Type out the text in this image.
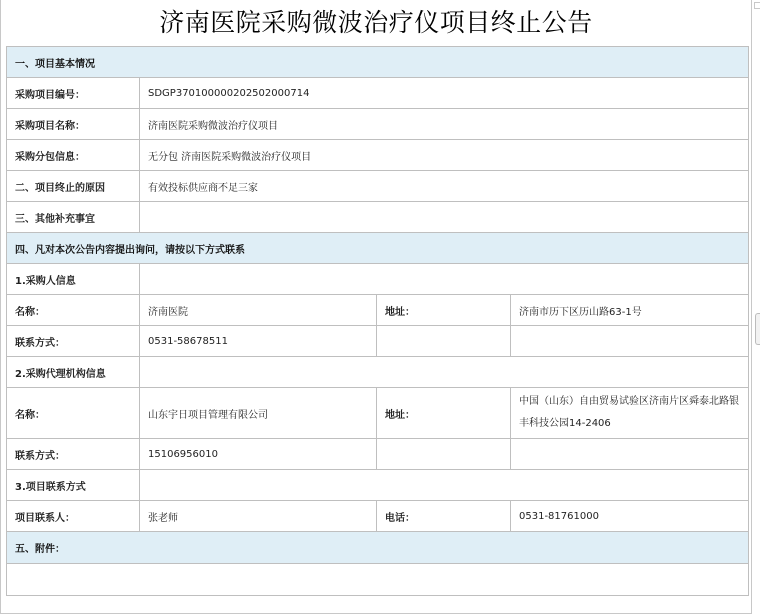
济南医院采购微波治疗仪项目终止公告
一、项目基本情况			
采购项目编号：	SDGP370100000202502000714		
采购项目名称：	济南医院采购微波治疗仪项目		
采购分包信息：	无分包 济南医院采购微波治疗仪项目		
二、项目终止的原因	有效投标供应商不足三家		
三、其他补充事宜			
四、凡对本次公告内容提出询问，请按以下方式联系			
1.采购人信息			
名称：	济南医院	地址：	济南市历下区历山路63-1号
联系方式：	0531-58678511		
2.采购代理机构信息			
名称：	山东宇日项目管理有限公司	地址：	中国（山东）自由贸易试验区济南片区舜泰北路银丰科技公园14-2406

联系方式：	15106956010		
3.项目联系方式			
项目联系人：	张老师	电话：	0531-81761000
五、附件：			
